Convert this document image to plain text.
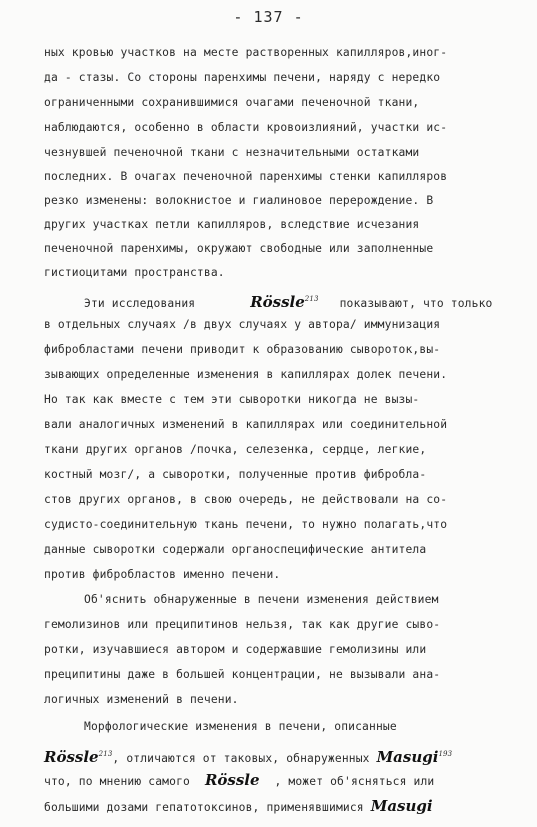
- 137 -
ных кровью участков на месте растворенных капилляров,иног-
да - стазы. Со стороны паренхимы печени, наряду с нередко
ограниченными сохранившимися очагами печеночной ткани,
наблюдаются, особенно в области кровоизлияний, участки ис-
чезнувшей печеночной ткани с незначительными остатками
последних. В очагах печеночной паренхимы стенки капилляров
резко изменены: волокнистое и гиалиновое перерождение. В
других участках петли капилляров, вследствие исчезания
печеночной паренхимы, окружают свободные или заполненные
гистиоцитами пространства.
Эти исследования	Rössle$^{213}$ показывают, что только
в отдельных случаях /в двух случаях у автора/ иммунизация
фибробластами печени приводит к образованию сывороток,вы-
зывающих определенные изменения в капиллярах долек печени.
Но так как вместе с тем эти сыворотки никогда не вызы-
вали аналогичных изменений в капиллярах или соединительной
ткани других органов /почка, селезенка, сердце, легкие,
костный мозг/, а сыворотки, полученные против фибробла-
стов других органов, в свою очередь, не действовали на со-
судисто-соединительную ткань печени, то нужно полагать,что
данные сыворотки содержали органоспецифические антитела
против фибробластов именно печени.
Об'яснить обнаруженные в печени изменения действием
гемолизинов или преципитинов нельзя, так как другие сыво-
ротки, изучавшиеся автором и содержавшие гемолизины или
преципитины даже в большей концентрации, не вызывали ана-
логичных изменений в печени.
Морфологические изменения в печени, описанные
Rössle$^{213}$, отличаются от таковых, обнаруженных Masugi$^{193}$
что, по мнению самого Rössle , может об'ясняться или
большими дозами гепатотоксинов, применявшимися Masugi
